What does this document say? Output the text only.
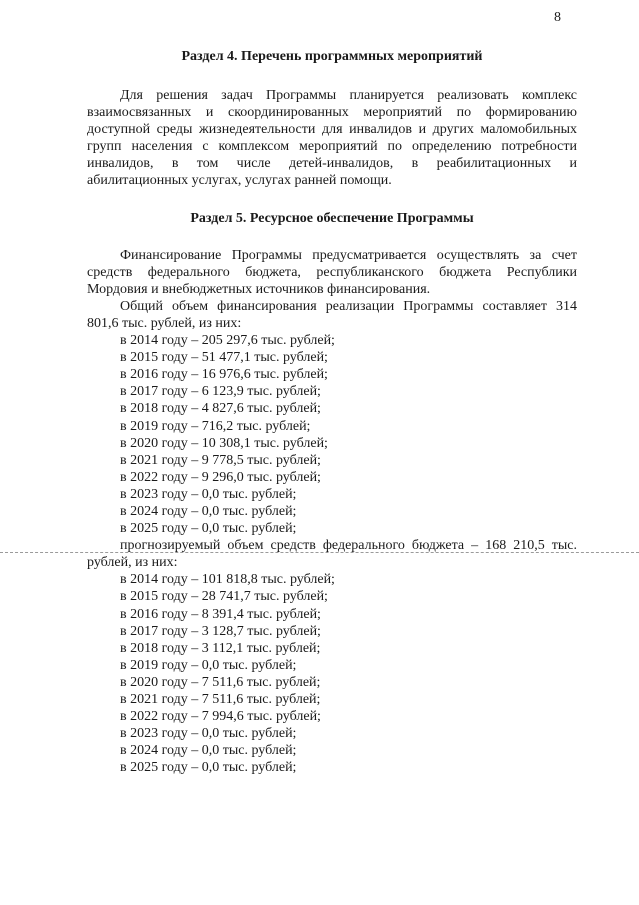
8
Раздел 4. Перечень программных мероприятий

Для решения задач Программы планируется реализовать комплекс взаимосвязанных и скоординированных мероприятий по формированию доступной среды жизнедеятельности для инвалидов и других маломобильных групп населения с комплексом мероприятий по определению потребности инвалидов, в том числе детей-инвалидов, в реабилитационных и абилитационных услугах, услугах ранней помощи.

Раздел 5. Ресурсное обеспечение Программы

Финансирование Программы предусматривается осуществлять за счет средств федерального бюджета, республиканского бюджета Республики Мордовия и внебюджетных источников финансирования.

Общий объем финансирования реализации Программы составляет 314 801,6 тыс. рублей, из них:

в 2014 году – 205 297,6 тыс. рублей;
в 2015 году – 51 477,1 тыс. рублей;
в 2016 году – 16 976,6 тыс. рублей;
в 2017 году – 6 123,9 тыс. рублей;
в 2018 году – 4 827,6 тыс. рублей;
в 2019 году – 716,2 тыс. рублей;
в 2020 году – 10 308,1 тыс. рублей;
в 2021 году – 9 778,5 тыс. рублей;
в 2022 году – 9 296,0 тыс. рублей;
в 2023 году – 0,0 тыс. рублей;
в 2024 году – 0,0 тыс. рублей;
в 2025 году – 0,0 тыс. рублей;

прогнозируемый объем средств федерального бюджета – 168 210,5 тыс. рублей, из них:

в 2014 году – 101 818,8 тыс. рублей;
в 2015 году – 28 741,7 тыс. рублей;
в 2016 году – 8 391,4 тыс. рублей;
в 2017 году – 3 128,7 тыс. рублей;
в 2018 году – 3 112,1 тыс. рублей;
в 2019 году – 0,0 тыс. рублей;
в 2020 году – 7 511,6 тыс. рублей;
в 2021 году – 7 511,6 тыс. рублей;
в 2022 году – 7 994,6 тыс. рублей;
в 2023 году – 0,0 тыс. рублей;
в 2024 году – 0,0 тыс. рублей;
в 2025 году – 0,0 тыс. рублей;
